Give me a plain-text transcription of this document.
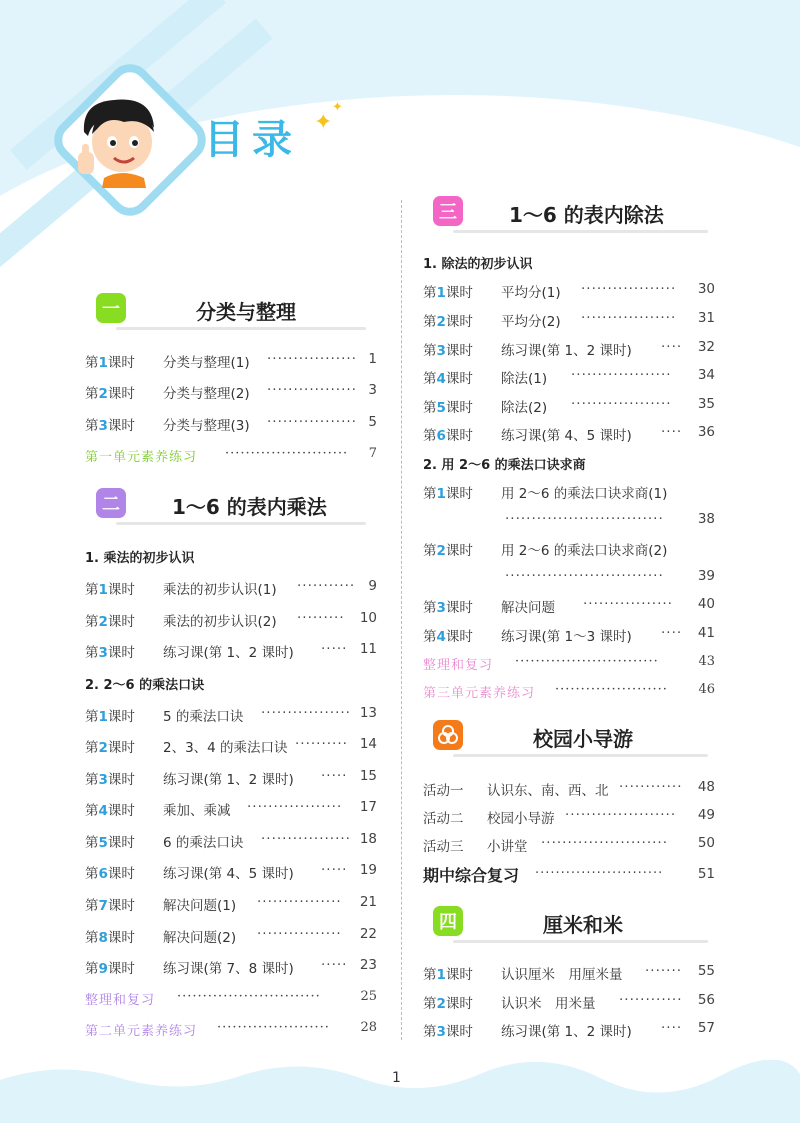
目录 ✦
✦
一	分类与整理
第1课时 分类与整理(1) ················· 1
第2课时 分类与整理(2) ················· 3
第3课时 分类与整理(3) ················· 5
第一单元素养练习 ························	7
二	1～6 的表内乘法
1. 乘法的初步认识
第1课时 乘法的初步认识(1) ··········· 9
第2课时 乘法的初步认识(2) ·········	10
第3课时 练习课(第 1、2 课时) ····· 11
2. 2～6 的乘法口诀
第1课时 5 的乘法口诀 ················· 13
第2课时 2、3、4 的乘法口诀 ·········· 14
第3课时 练习课(第 1、2 课时) ····· 15
第4课时 乘加、乘减 ··················	17
第5课时 6 的乘法口诀 ················· 18
第6课时 练习课(第 4、5 课时) ····· 19
第7课时 解决问题(1) ················	21
第8课时 解决问题(2) ················	22
第9课时 练习课(第 7、8 课时) ····· 23
整理和复习 ····························	25
第二单元素养练习 ······················	28
三	1～6 的表内除法
1. 除法的初步认识
第1课时 平均分(1) ··················	30
第2课时 平均分(2) ··················	31
第3课时 练习课(第 1、2 课时) ····	32
第4课时 除法(1) ···················	34
第5课时 除法(2) ···················	35
第6课时 练习课(第 4、5 课时) ····	36
2. 用 2～6 的乘法口诀求商
第1课时 用 2～6 的乘法口诀求商(1)
······························	38
第2课时 用 2～6 的乘法口诀求商(2)
······························	39
第3课时 解决问题 ·················	40
第4课时 练习课(第 1～3 课时) ····	41
整理和复习 ····························	43
第三单元素养练习 ······················	46
校园小导游
活动一 认识东、南、西、北 ············	48
活动二 校园小导游 ·····················	49
活动三 小讲堂 ························	50
期中综合复习 ·························	51
四	厘米和米
第1课时 认识厘米　用厘米量 ·······	55
第2课时 认识米　用米量 ············	56
第3课时 练习课(第 1、2 课时) ····	57
1
